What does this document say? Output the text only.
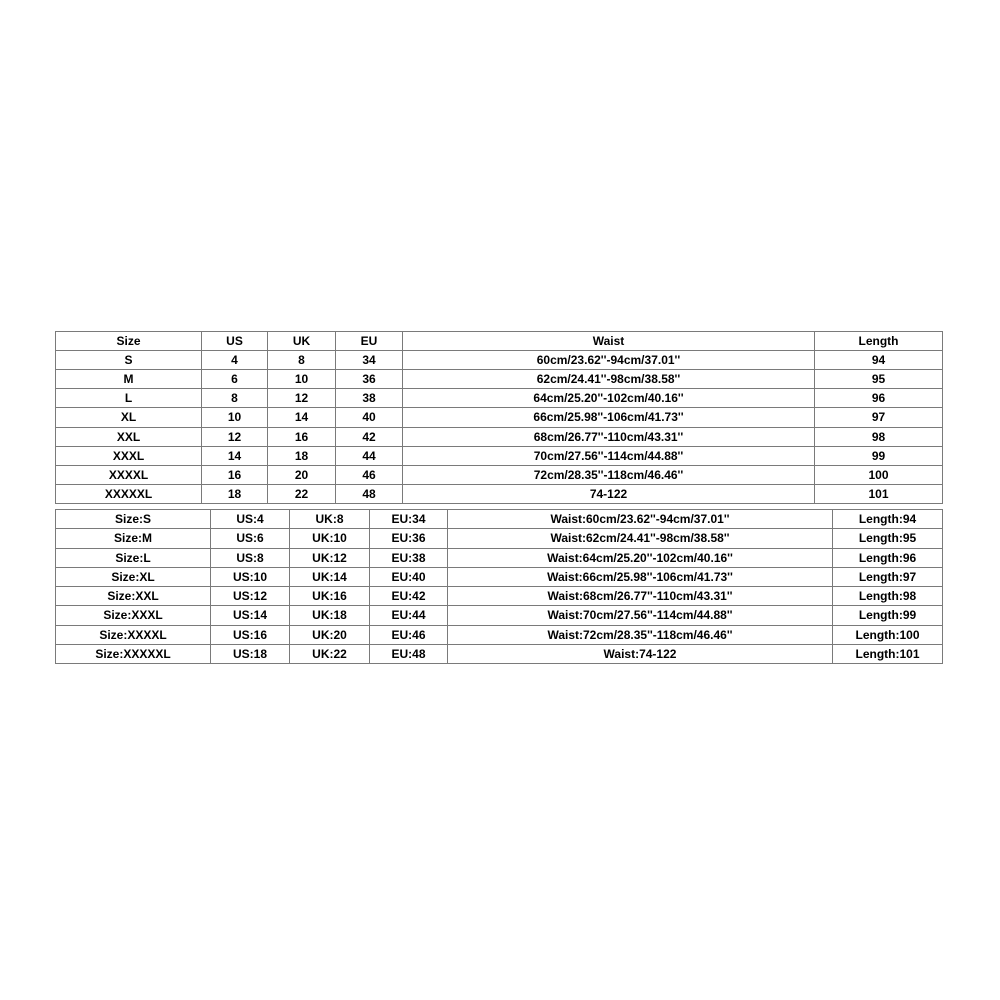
Size	US	UK	EU	Waist	Length
S	4	8	34	60cm/23.62''-94cm/37.01''	94
M	6	10	36	62cm/24.41''-98cm/38.58''	95
L	8	12	38	64cm/25.20''-102cm/40.16''	96
XL	10	14	40	66cm/25.98''-106cm/41.73''	97
XXL	12	16	42	68cm/26.77''-110cm/43.31''	98
XXXL	14	18	44	70cm/27.56''-114cm/44.88''	99
XXXXL	16	20	46	72cm/28.35''-118cm/46.46''	100
XXXXXL	18	22	48	74-122	101
Size:S	US:4	UK:8	EU:34	Waist:60cm/23.62''-94cm/37.01''	Length:94
Size:M	US:6	UK:10	EU:36	Waist:62cm/24.41''-98cm/38.58''	Length:95
Size:L	US:8	UK:12	EU:38	Waist:64cm/25.20''-102cm/40.16''	Length:96
Size:XL	US:10	UK:14	EU:40	Waist:66cm/25.98''-106cm/41.73''	Length:97
Size:XXL	US:12	UK:16	EU:42	Waist:68cm/26.77''-110cm/43.31''	Length:98
Size:XXXL	US:14	UK:18	EU:44	Waist:70cm/27.56''-114cm/44.88''	Length:99
Size:XXXXL	US:16	UK:20	EU:46	Waist:72cm/28.35''-118cm/46.46''	Length:100
Size:XXXXXL	US:18	UK:22	EU:48	Waist:74-122	Length:101
